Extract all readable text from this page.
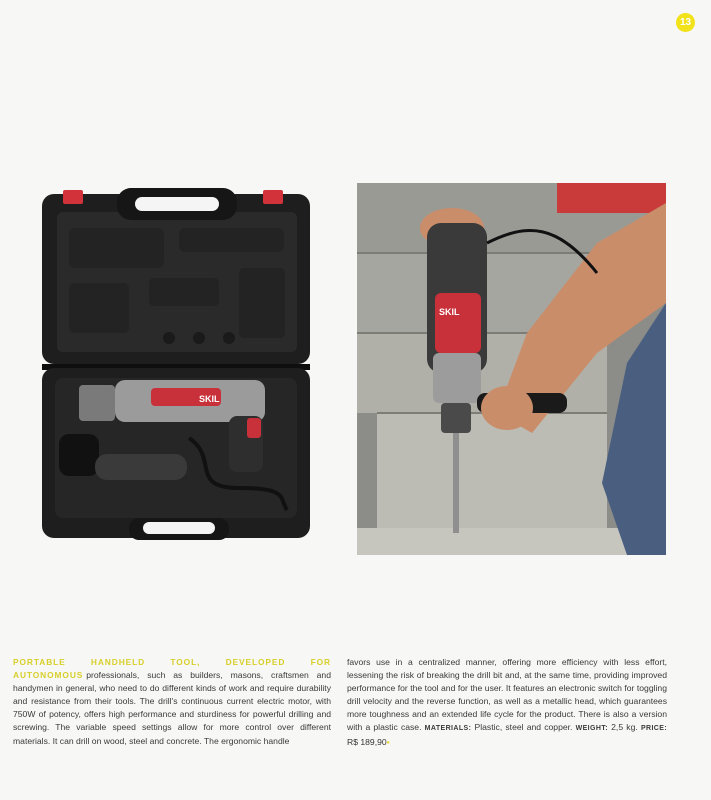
13
SKIL
SKIL
PORTABLE HANDHELD TOOL, DEVELOPED FOR AUTONOMOUS professionals, such as builders, masons, craftsmen and handymen in general, who need to do different kinds of work and require durability and resistance from their tools. The drill's continuous current electric motor, with 750W of potency, offers high performance and sturdiness for powerful drilling and screwing. The variable speed settings allow for more control over different materials. It can drill on wood, steel and concrete. The ergonomic handle
favors use in a centralized manner, offering more efficiency with less effort, lessening the risk of breaking the drill bit and, at the same time, providing improved performance for the tool and for the user. It features an electronic switch for toggling drill velocity and the reverse function, as well as a metallic head, which guarantees more toughness and an extended life cycle for the product. There is also a version with a plastic case. MATERIALS: Plastic, steel and copper. WEIGHT: 2,5 kg. PRICE: R$ 189,90▪
